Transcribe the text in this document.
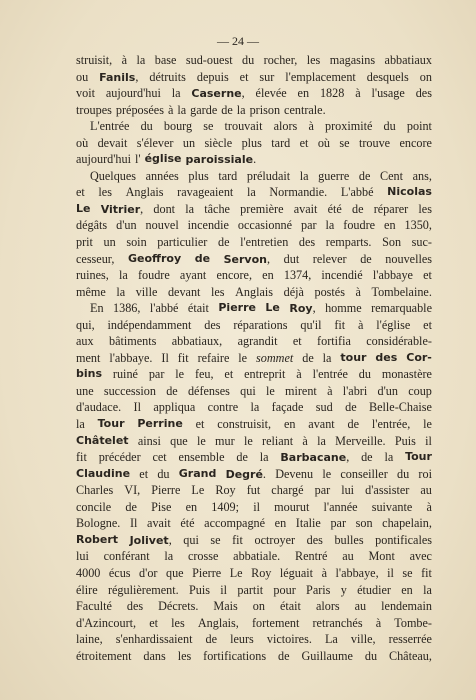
— 24 —
struisit, à la base sud-ouest du rocher, les magasins abbatiaux
ou Fanils, détruits depuis et sur l'emplacement desquels on
voit aujourd'hui la Caserne, élevée en 1828 à l'usage des
troupes préposées à la garde de la prison centrale.
L'entrée du bourg se trouvait alors à proximité du point
où devait s'élever un siècle plus tard et où se trouve encore
aujourd'hui l' église paroissiale.
Quelques années plus tard préludait la guerre de Cent ans,
et les Anglais ravageaient la Normandie. L'abbé Nicolas
Le Vitrier, dont la tâche première avait été de réparer les
dégâts d'un nouvel incendie occasionné par la foudre en 1350,
prit un soin particulier de l'entretien des remparts. Son suc-
cesseur, Geoffroy de Servon, dut relever de nouvelles
ruines, la foudre ayant encore, en 1374, incendié l'abbaye et
même la ville devant les Anglais déjà postés à Tombelaine.
En 1386, l'abbé était Pierre Le Roy, homme remarquable
qui, indépendamment des réparations qu'il fit à l'église et
aux bâtiments abbatiaux, agrandit et fortifia considérable-
ment l'abbaye. Il fit refaire le sommet de la tour des Cor-
bins ruiné par le feu, et entreprit à l'entrée du monastère
une succession de défenses qui le mirent à l'abri d'un coup
d'audace. Il appliqua contre la façade sud de Belle-Chaise
la Tour Perrine et construisit, en avant de l'entrée, le
Châtelet ainsi que le mur le reliant à la Merveille. Puis il
fit précéder cet ensemble de la Barbacane, de la Tour
Claudine et du Grand Degré. Devenu le conseiller du roi
Charles VI, Pierre Le Roy fut chargé par lui d'assister au
concile de Pise en 1409; il mourut l'année suivante à
Bologne. Il avait été accompagné en Italie par son chapelain,
Robert Jolivet, qui se fit octroyer des bulles pontificales
lui conférant la crosse abbatiale. Rentré au Mont avec
4000 écus d'or que Pierre Le Roy léguait à l'abbaye, il se fit
élire régulièrement. Puis il partit pour Paris y étudier en la
Faculté des Décrets. Mais on était alors au lendemain
d'Azincourt, et les Anglais, fortement retranchés à Tombe-
laine, s'enhardissaient de leurs victoires. La ville, resserrée
étroitement dans les fortifications de Guillaume du Château,
